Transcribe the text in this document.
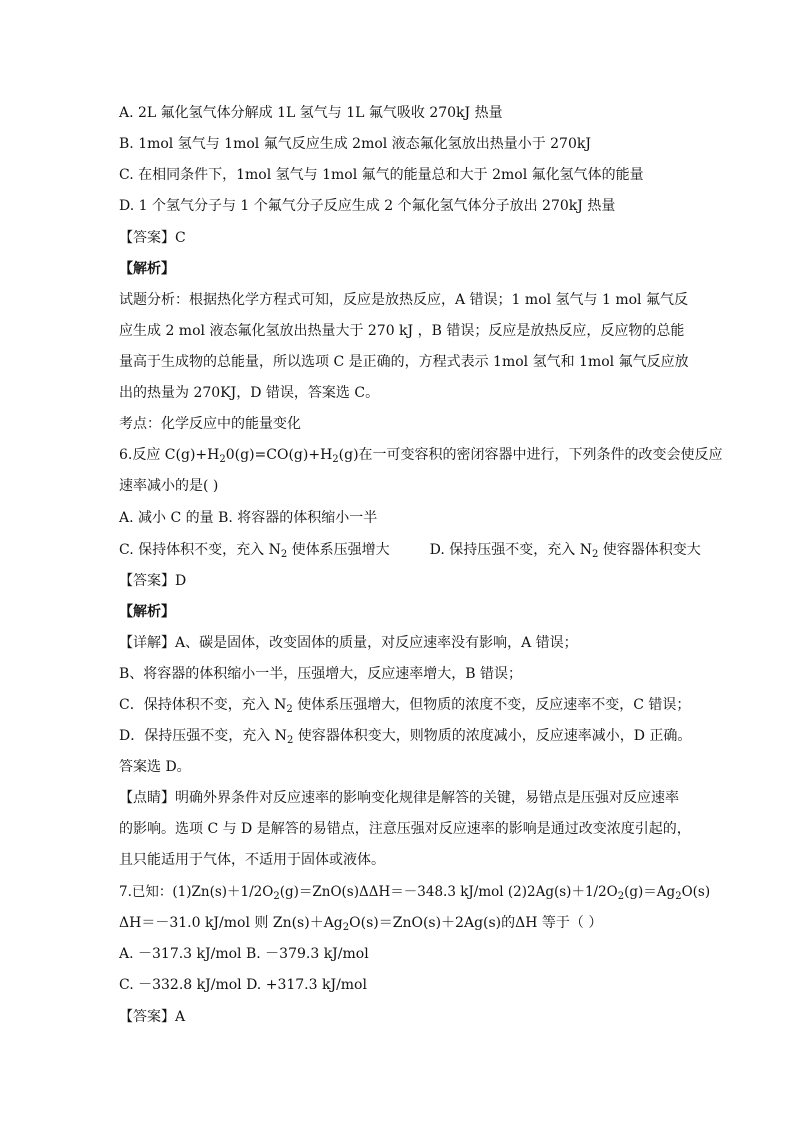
A. 2L 氟化氢气体分解成 1L 氢气与 1L 氟气吸收 270kJ 热量
B. 1mol 氢气与 1mol 氟气反应生成 2mol 液态氟化氢放出热量小于 270kJ
C. 在相同条件下，1mol 氢气与 1mol 氟气的能量总和大于 2mol 氟化氢气体的能量
D. 1 个氢气分子与 1 个氟气分子反应生成 2 个氟化氢气体分子放出 270kJ 热量
【答案】C
【解析】
试题分析：根据热化学方程式可知，反应是放热反应，A 错误；1 mol 氢气与 1 mol 氟气反
应生成 2 mol 液态氟化氢放出热量大于 270 kJ ，B 错误；反应是放热反应，反应物的总能
量高于生成物的总能量，所以选项 C 是正确的，方程式表示 1mol 氢气和 1mol 氟气反应放
出的热量为 270KJ，D 错误，答案选 C。
考点：化学反应中的能量变化
6.反应 $C(g)+H_20(g)=CO(g)+H_2(g)$在一可变容积的密闭容器中进行，下列条件的改变会使反应
速率减小的是( )
A. 减小 C 的量 B. 将容器的体积缩小一半
C. 保持体积不变，充入 $N_2$ 使体系压强增大	D. 保持压强不变，充入 $N_2$ 使容器体积变大
【答案】D
【解析】
【详解】A、碳是固体，改变固体的质量，对反应速率没有影响，A 错误；
B、将容器的体积缩小一半，压强增大，反应速率增大，B 错误；
C．保持体积不变，充入 $N_2$ 使体系压强增大，但物质的浓度不变，反应速率不变，C 错误；
D．保持压强不变，充入 $N_2$ 使容器体积变大，则物质的浓度减小，反应速率减小，D 正确。
答案选 D。
【点睛】明确外界条件对反应速率的影响变化规律是解答的关键，易错点是压强对反应速率
的影响。选项 C 与 D 是解答的易错点，注意压强对反应速率的影响是通过改变浓度引起的，
且只能适用于气体，不适用于固体或液体。
7.已知：$(1)Zn(s)+1/2O_2(g)=ZnO(s)\Delta\Delta H=-348.3$ kJ/mol $(2)2Ag(s)+1/2O_2(g)=Ag_2O(s)$
ΔH＝－31.0 kJ/mol 则 $Zn(s)+Ag_2O(s)=ZnO(s)+2Ag(s)$的ΔH 等于（ ）
A. －317.3 kJ/mol B. －379.3 kJ/mol
C. －332.8 kJ/mol D. +317.3 kJ/mol
【答案】A
